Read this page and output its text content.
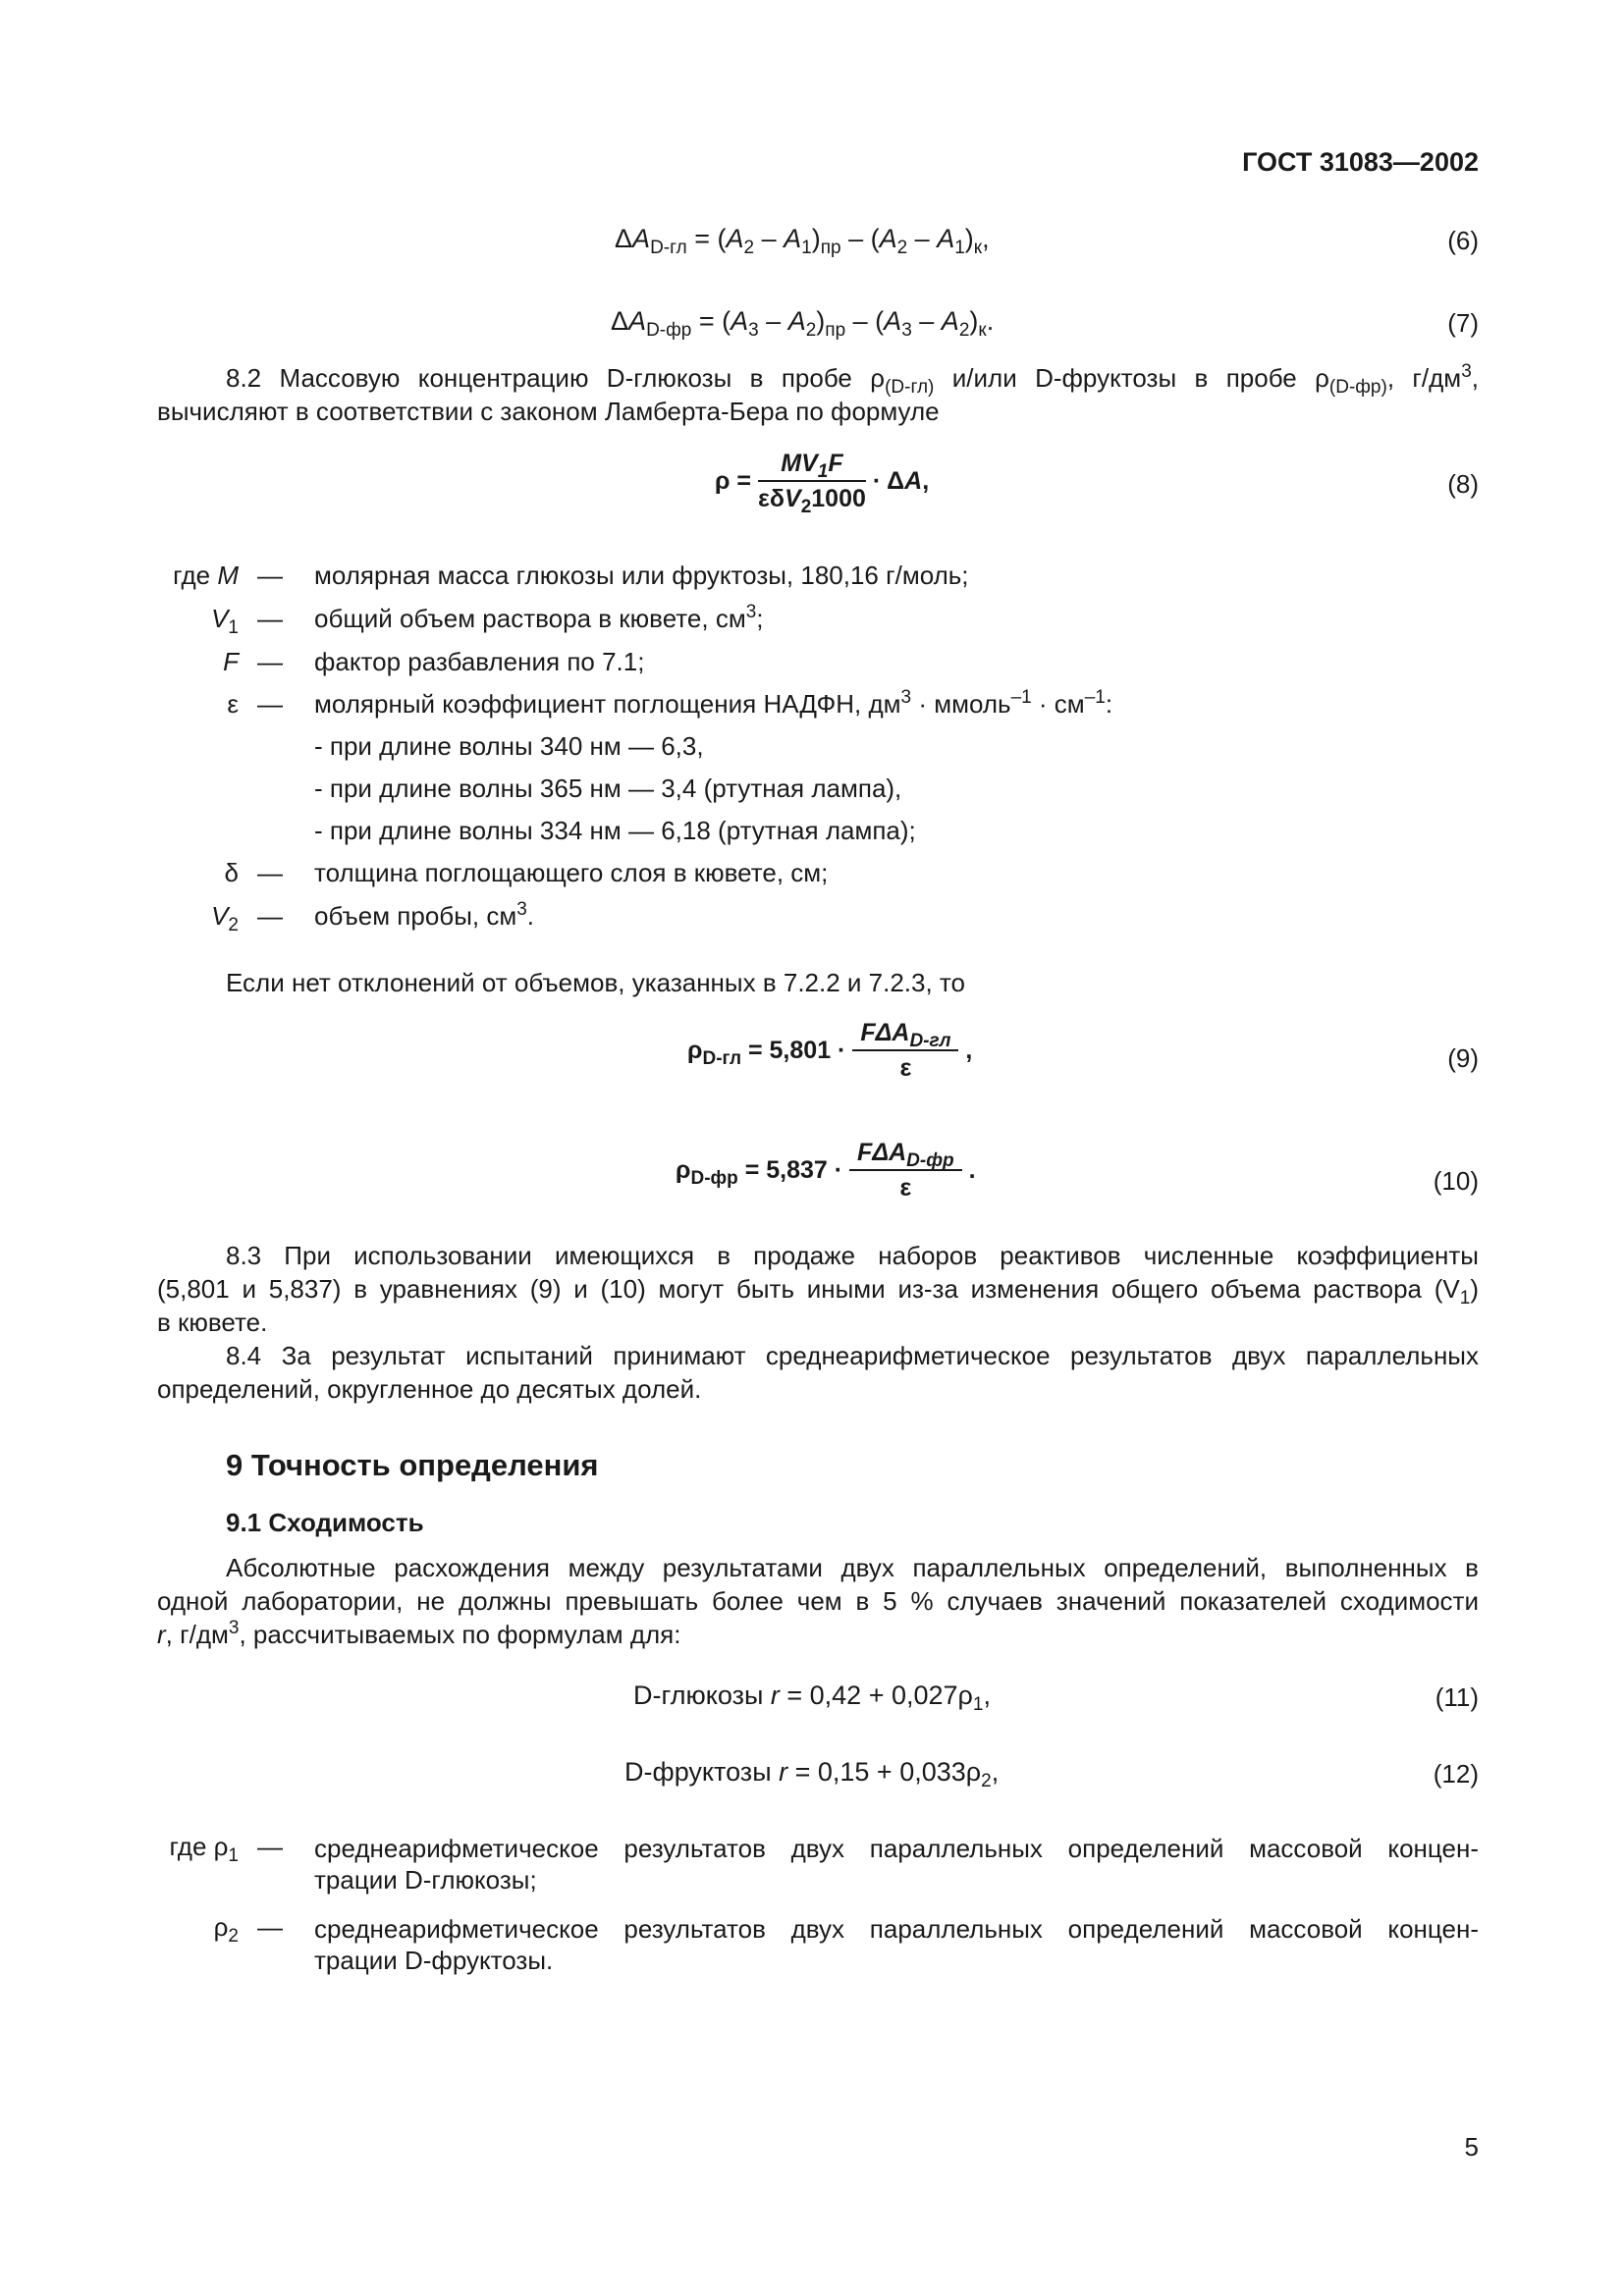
ГОСТ 31083—2002
$\Delta A_{D-гл} = (A_2 - A_1)_{пр} - (A_2 - A_1)_к$,	(6)
$\Delta A_{D-фр} = (A_3 - A_2)_{пр} - (A_3 - A_2)_к$.	(7)
8.2 Массовую концентрацию D-глюкозы в пробе $\rho_{(D-гл)}$ и/или D-фруктозы в пробе $\rho_{(D-фр)}$, $г/дм^3$,
вычисляют в соответствии с законом Ламберта-Бера по формуле
$\rho = \frac{MV_1F}{\varepsilon\delta V_21000} \cdot \Delta A$,	(8)
где M — молярная масса глюкозы или фруктозы, 180,16 г/моль;
$V_1$ — общий объем раствора в кювете, $см^3$;
F — фактор разбавления по 7.1;
ε — молярный коэффициент поглощения НАДФН, $дм^3$ · ммоль$^{-1}$ · $см^{-1}$:
- при длине волны 340 нм — 6,3,
- при длине волны 365 нм — 3,4 (ртутная лампа),
- при длине волны 334 нм — 6,18 (ртутная лампа);
δ — толщина поглощающего слоя в кювете, см;
$V_2$ — объем пробы, $см^3$.
Если нет отклонений от объемов, указанных в 7.2.2 и 7.2.3, то
$\rho_{D-гл} = 5,801 \cdot \frac{F\Delta A_{D-гл}}{\varepsilon}$ ,	(9)
$\rho_{D-фр} = 5,837 \cdot \frac{F\Delta A_{D-фр}}{\varepsilon}$ .	(10)
8.3 При использовании имеющихся в продаже наборов реактивов численные коэффициенты
(5,801 и 5,837) в уравнениях (9) и (10) могут быть иными из-за изменения общего объема раствора $(V_1)$
в кювете.
8.4 За результат испытаний принимают среднеарифметическое результатов двух параллельных
определений, округленное до десятых долей.
9 Точность определения
9.1 Сходимость
Абсолютные расхождения между результатами двух параллельных определений, выполненных в
одной лаборатории, не должны превышать более чем в 5 % случаев значений показателей сходимости
r, $г/дм^3$, рассчитываемых по формулам для:
D-глюкозы $r = 0,42 + 0,027\rho_1$,	(11)
D-фруктозы $r = 0,15 + 0,033\rho_2$,	(12)
где $\rho_1$ — среднеарифметическое результатов двух параллельных определений массовой концен-
трации D-глюкозы;
$\rho_2$ — среднеарифметическое результатов двух параллельных определений массовой концен-
трации D-фруктозы.
5
